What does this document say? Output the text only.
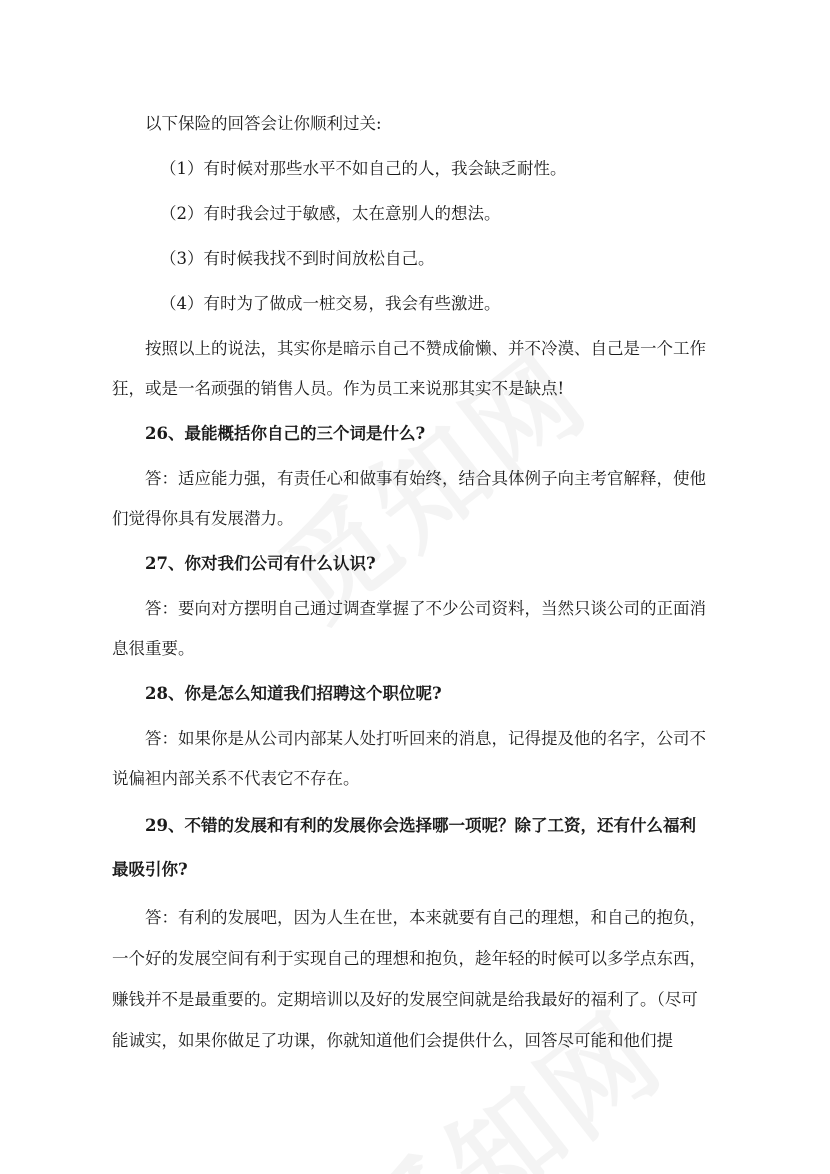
以下保险的回答会让你顺利过关:

（1）有时候对那些水平不如自己的人，我会缺乏耐性。

（2）有时我会过于敏感，太在意别人的想法。

（3）有时候我找不到时间放松自己。

（4）有时为了做成一桩交易，我会有些激进。

按照以上的说法，其实你是暗示自己不赞成偷懒、并不冷漠、自己是一个工作狂，或是一名顽强的销售人员。作为员工来说那其实不是缺点!

26、最能概括你自己的三个词是什么?

答：适应能力强，有责任心和做事有始终，结合具体例子向主考官解释，使他们觉得你具有发展潜力。

27、你对我们公司有什么认识?

答：要向对方摆明自己通过调查掌握了不少公司资料，当然只谈公司的正面消息很重要。

28、你是怎么知道我们招聘这个职位呢?

答：如果你是从公司内部某人处打听回来的消息，记得提及他的名字，公司不说偏袒内部关系不代表它不存在。

29、不错的发展和有利的发展你会选择哪一项呢？除了工资，还有什么福利最吸引你?

答：有利的发展吧，因为人生在世，本来就要有自己的理想，和自己的抱负，一个好的发展空间有利于实现自己的理想和抱负，趁年轻的时候可以多学点东西，赚钱并不是最重要的。定期培训以及好的发展空间就是给我最好的福利了。（尽可能诚实，如果你做足了功课，你就知道他们会提供什么，回答尽可能和他们提
